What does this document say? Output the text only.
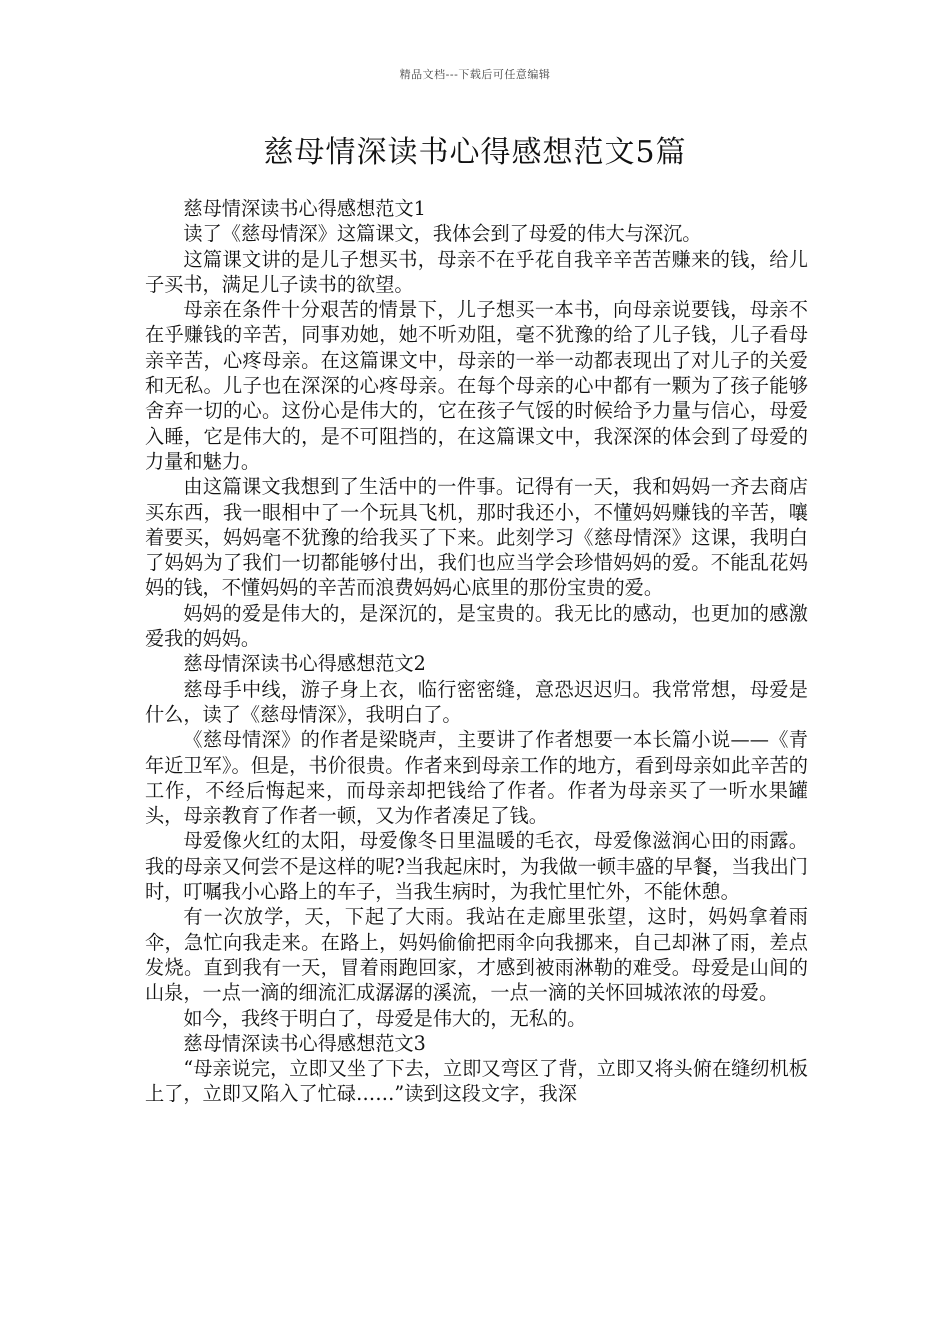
精品文档---下载后可任意编辑
慈母情深读书心得感想范文5篇

慈母情深读书心得感想范文1

读了《慈母情深》这篇课文，我体会到了母爱的伟大与深沉。

这篇课文讲的是儿子想买书，母亲不在乎花自我辛辛苦苦赚来的钱，给儿子买书，满足儿子读书的欲望。

母亲在条件十分艰苦的情景下，儿子想买一本书，向母亲说要钱，母亲不在乎赚钱的辛苦，同事劝她，她不听劝阻，毫不犹豫的给了儿子钱，儿子看母亲辛苦，心疼母亲。在这篇课文中，母亲的一举一动都表现出了对儿子的关爱和无私。儿子也在深深的心疼母亲。在每个母亲的心中都有一颗为了孩子能够舍弃一切的心。这份心是伟大的，它在孩子气馁的时候给予力量与信心，母爱入睡，它是伟大的，是不可阻挡的，在这篇课文中，我深深的体会到了母爱的力量和魅力。

由这篇课文我想到了生活中的一件事。记得有一天，我和妈妈一齐去商店买东西，我一眼相中了一个玩具飞机，那时我还小，不懂妈妈赚钱的辛苦，嚷着要买，妈妈毫不犹豫的给我买了下来。此刻学习《慈母情深》这课，我明白了妈妈为了我们一切都能够付出，我们也应当学会珍惜妈妈的爱。不能乱花妈妈的钱，不懂妈妈的辛苦而浪费妈妈心底里的那份宝贵的爱。

妈妈的爱是伟大的，是深沉的，是宝贵的。我无比的感动，也更加的感激爱我的妈妈。

慈母情深读书心得感想范文2

慈母手中线，游子身上衣，临行密密缝，意恐迟迟归。我常常想，母爱是什么，读了《慈母情深》，我明白了。

《慈母情深》的作者是梁晓声，主要讲了作者想要一本长篇小说——《青年近卫军》。但是，书价很贵。作者来到母亲工作的地方，看到母亲如此辛苦的工作，不经后悔起来，而母亲却把钱给了作者。作者为母亲买了一听水果罐头，母亲教育了作者一顿，又为作者凑足了钱。

母爱像火红的太阳，母爱像冬日里温暖的毛衣，母爱像滋润心田的雨露。我的母亲又何尝不是这样的呢?当我起床时，为我做一顿丰盛的早餐，当我出门时，叮嘱我小心路上的车子，当我生病时，为我忙里忙外，不能休憩。

有一次放学，天，下起了大雨。我站在走廊里张望，这时，妈妈拿着雨伞，急忙向我走来。在路上，妈妈偷偷把雨伞向我挪来，自己却淋了雨，差点发烧。直到我有一天，冒着雨跑回家，才感到被雨淋勒的难受。母爱是山间的山泉，一点一滴的细流汇成潺潺的溪流，一点一滴的关怀回城浓浓的母爱。

如今，我终于明白了，母爱是伟大的，无私的。

慈母情深读书心得感想范文3

“母亲说完，立即又坐了下去，立即又弯区了背，立即又将头俯在缝纫机板上了，立即又陷入了忙碌……”读到这段文字，我深
